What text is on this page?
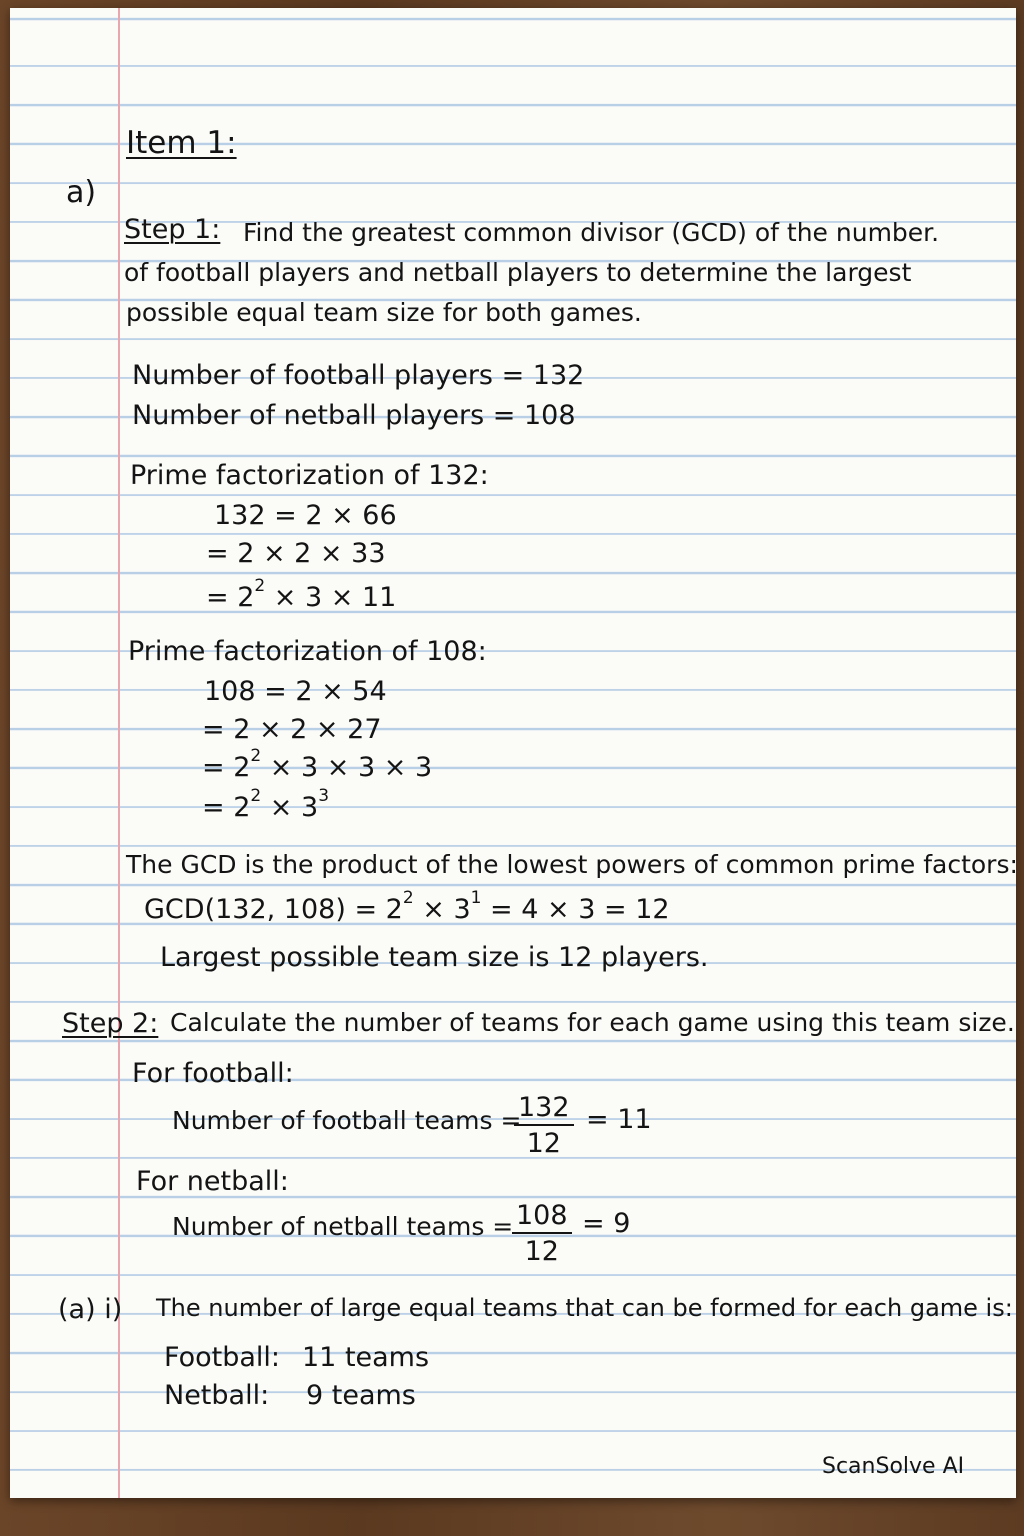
Item 1:
a)
Step 1: Find the greatest common divisor (GCD) of the number.
of football players and netball players to determine the largest
possible equal team size for both games.
Number of football players = 132
Number of netball players = 108
Prime factorization of 132:
132 = 2 × 66
= 2 × 2 × 33
= $2^2 \times 3 \times 11$
Prime factorization of 108:
108 = 2 × 54
= 2 × 2 × 27
= $2^2 \times 3 \times 3 \times 3$
= $2^2 \times 3^3$
The GCD is the product of the lowest powers of common prime factors:
GCD(132, $108) = 2^2 \times 3^1 = 4 \times 3 = 12$
Largest possible team size is 12 players.
Step 2: Calculate the number of teams for each game using this team size.
For football:
Number of football teams =
$\frac{132}{12} = 11$
For netball:
Number of netball teams =
$\frac{108}{12} = 9$
(a) i) The number of large equal teams that can be formed for each game is:
Football: 11 teams
Netball: 9 teams
ScanSolve AI
